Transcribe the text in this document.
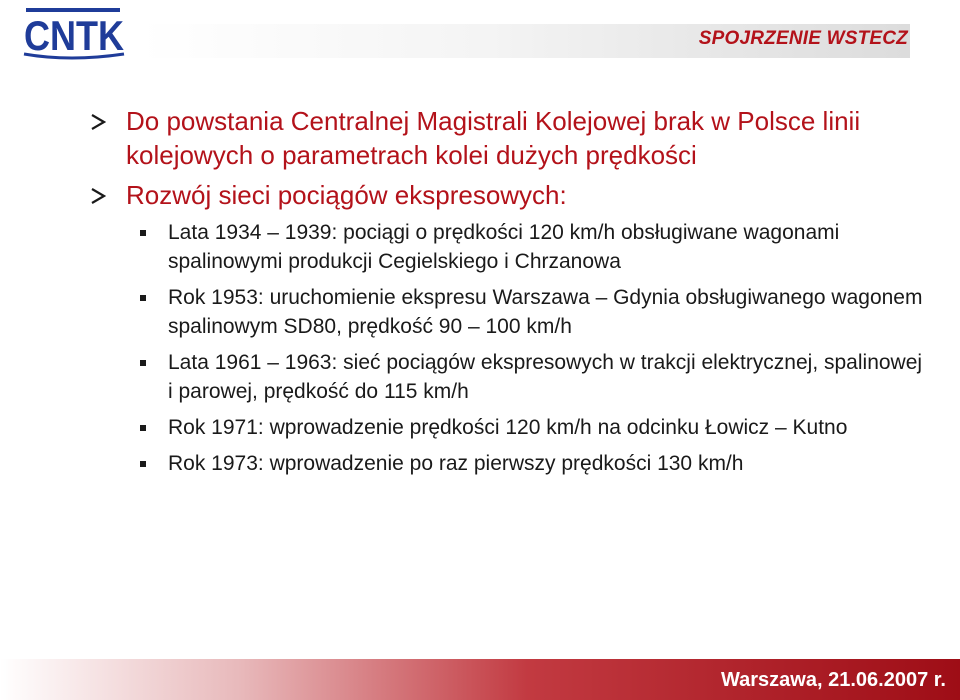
CNTK	SPOJRZENIE WSTECZ
Do powstania Centralnej Magistrali Kolejowej brak w Polsce linii kolejowych o parametrach kolei dużych prędkości
Rozwój sieci pociągów ekspresowych:
Lata 1934 – 1939: pociągi o prędkości 120 km/h obsługiwane wagonami spalinowymi produkcji Cegielskiego i Chrzanowa
Rok 1953: uruchomienie ekspresu Warszawa – Gdynia obsługiwanego wagonem spalinowym SD80, prędkość 90 – 100 km/h
Lata 1961 – 1963: sieć pociągów ekspresowych w trakcji elektrycznej, spalinowej i parowej, prędkość do 115 km/h
Rok 1971: wprowadzenie prędkości 120 km/h na odcinku Łowicz – Kutno
Rok 1973: wprowadzenie po raz pierwszy prędkości 130 km/h
Warszawa, 21.06.2007 r.
